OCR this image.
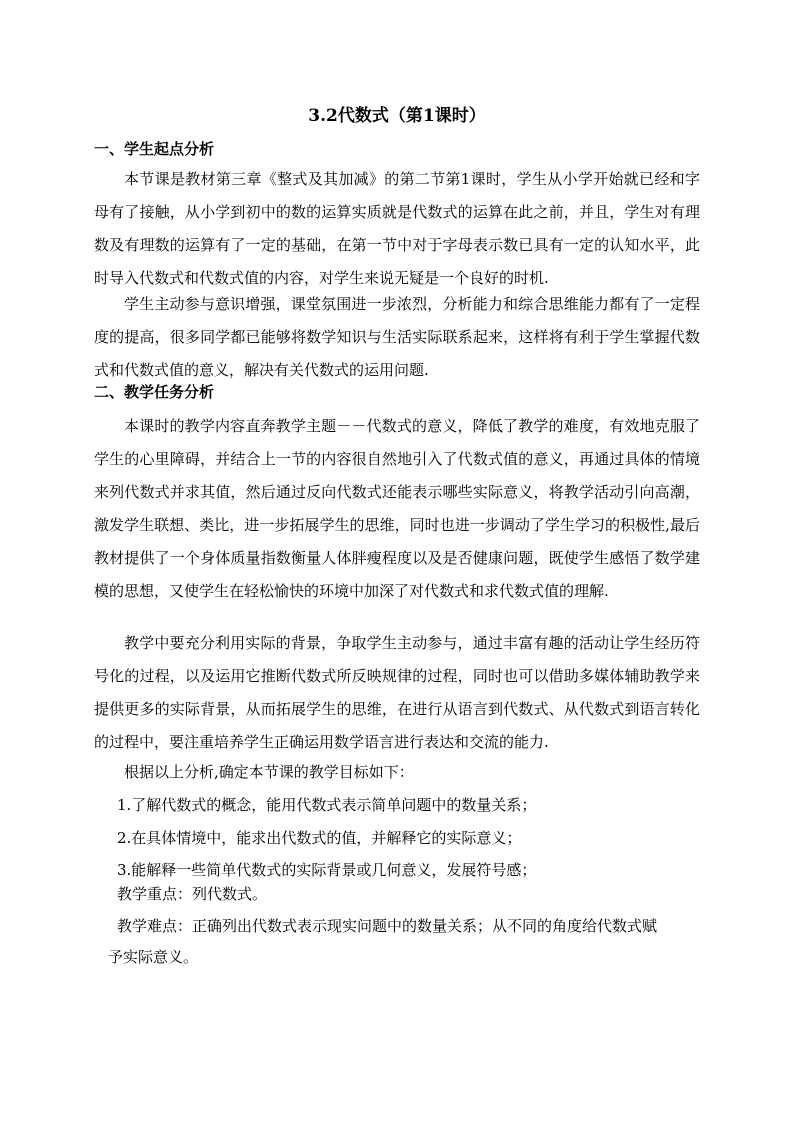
3.2代数式（第1课时）
一、学生起点分析

本节课是教材第三章《整式及其加减》的第二节第1课时，学生从小学开始就已经和字母有了接触，从小学到初中的数的运算实质就是代数式的运算在此之前，并且，学生对有理数及有理数的运算有了一定的基础，在第一节中对于字母表示数已具有一定的认知水平，此时导入代数式和代数式值的内容，对学生来说无疑是一个良好的时机.

学生主动参与意识增强，课堂氛围进一步浓烈，分析能力和综合思维能力都有了一定程度的提高，很多同学都已能够将数学知识与生活实际联系起来，这样将有利于学生掌握代数式和代数式值的意义，解决有关代数式的运用问题.

二、教学任务分析

本课时的教学内容直奔教学主题－－代数式的意义，降低了教学的难度，有效地克服了学生的心里障碍，并结合上一节的内容很自然地引入了代数式值的意义，再通过具体的情境来列代数式并求其值，然后通过反向代数式还能表示哪些实际意义，将教学活动引向高潮，激发学生联想、类比，进一步拓展学生的思维，同时也进一步调动了学生学习的积极性,最后教材提供了一个身体质量指数衡量人体胖瘦程度以及是否健康问题，既使学生感悟了数学建模的思想，又使学生在轻松愉快的环境中加深了对代数式和求代数式值的理解.

教学中要充分利用实际的背景，争取学生主动参与，通过丰富有趣的活动让学生经历符号化的过程，以及运用它推断代数式所反映规律的过程，同时也可以借助多媒体辅助教学来提供更多的实际背景，从而拓展学生的思维，在进行从语言到代数式、从代数式到语言转化的过程中，要注重培养学生正确运用数学语言进行表达和交流的能力.

根据以上分析,确定本节课的教学目标如下：
1.了解代数式的概念，能用代数式表示简单问题中的数量关系；
2.在具体情境中，能求出代数式的值，并解释它的实际意义；
3.能解释一些简单代数式的实际背景或几何意义，发展符号感；
教学重点：列代数式。
教学难点：正确列出代数式表示现实问题中的数量关系；从不同的角度给代数式赋
予实际意义。
